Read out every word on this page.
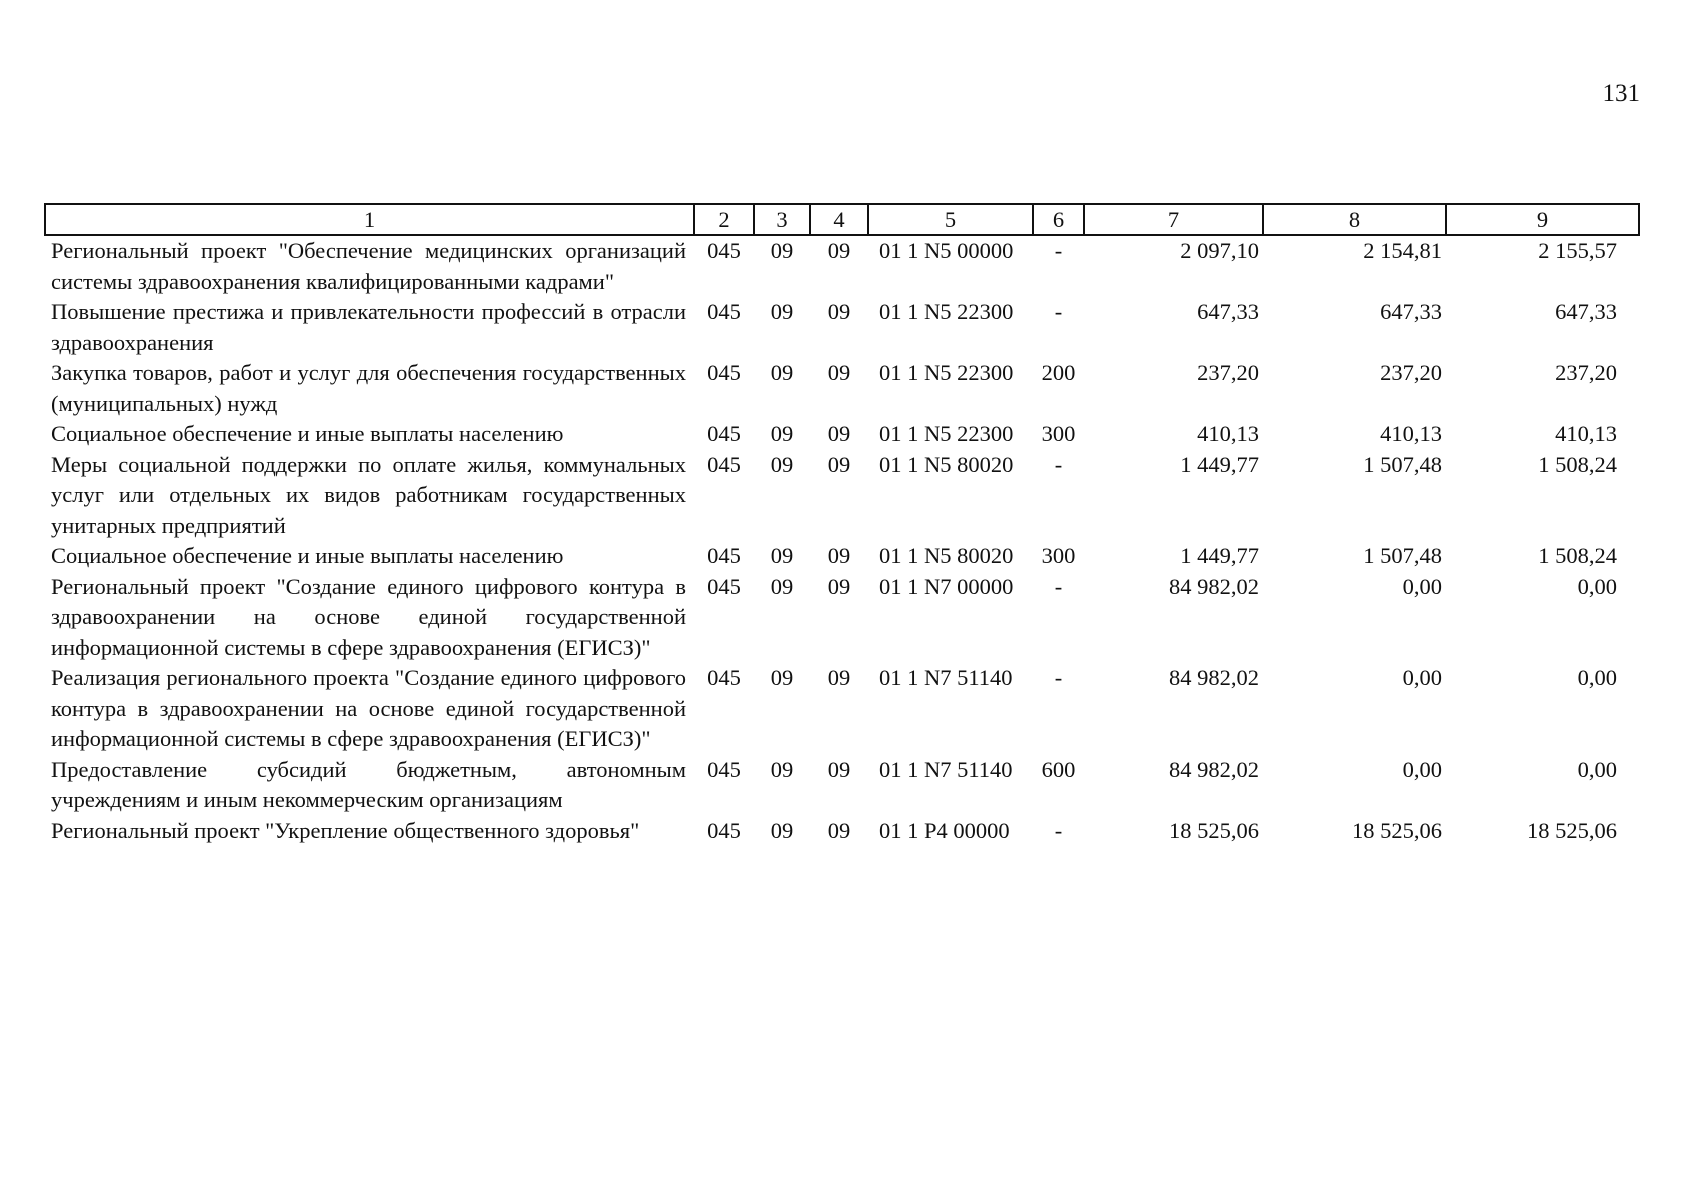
131
1	2	3	4	5	6	7	8	9
Региональный проект "Обеспечение медицинских организаций системы здравоохранения квалифицированными кадрами"	045	09	09	01 1 N5 00000	-	2 097,10	2 154,81	2 155,57
Повышение престижа и привлекательности профессий в отрасли здравоохранения	045	09	09	01 1 N5 22300	-	647,33	647,33	647,33
Закупка товаров, работ и услуг для обеспечения государственных (муниципальных) нужд	045	09	09	01 1 N5 22300	200	237,20	237,20	237,20
Социальное обеспечение и иные выплаты населению	045	09	09	01 1 N5 22300	300	410,13	410,13	410,13
Меры социальной поддержки по оплате жилья, коммунальных услуг или отдельных их видов работникам государственных унитарных предприятий	045	09	09	01 1 N5 80020	-	1 449,77	1 507,48	1 508,24
Социальное обеспечение и иные выплаты населению	045	09	09	01 1 N5 80020	300	1 449,77	1 507,48	1 508,24
Региональный проект "Создание единого цифрового контура в здравоохранении на основе единой государственной информационной системы в сфере здравоохранения (ЕГИСЗ)"	045	09	09	01 1 N7 00000	-	84 982,02	0,00	0,00
Реализация регионального проекта "Создание единого цифрового контура в здравоохранении на основе единой государственной информационной системы в сфере здравоохранения (ЕГИСЗ)"	045	09	09	01 1 N7 51140	-	84 982,02	0,00	0,00
Предоставление субсидий бюджетным, автономным учреждениям и иным некоммерческим организациям	045	09	09	01 1 N7 51140	600	84 982,02	0,00	0,00
Региональный проект "Укрепление общественного здоровья"	045	09	09	01 1 P4 00000	-	18 525,06	18 525,06	18 525,06
